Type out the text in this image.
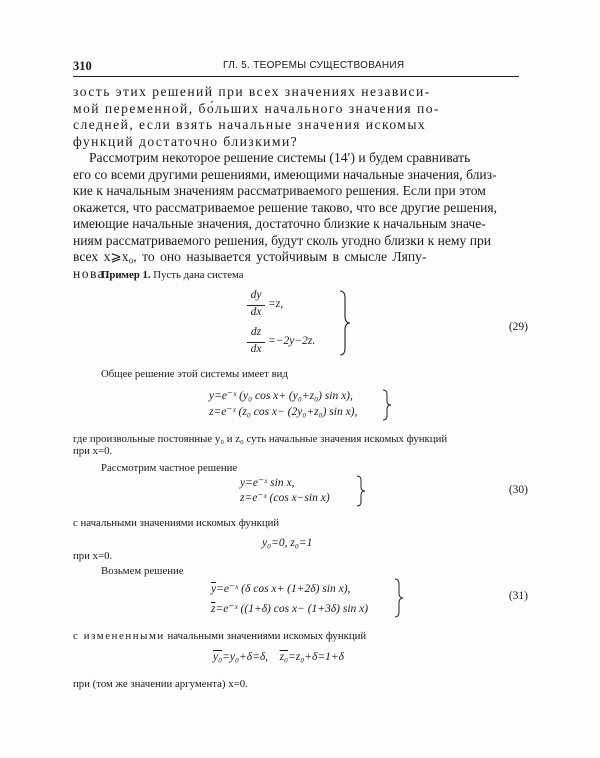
310	ГЛ. 5. ТЕОРЕМЫ СУЩЕСТВОВАНИЯ
зость этих решений при всех значениях независи-
мой переменной, бо́льших начального значения по-
следней, если взять начальные значения искомых
функций достаточно близкими?
Рассмотрим некоторое решение системы (14′) и будем сравнивать
его со всеми другими решениями, имеющими начальные значения, близ-
кие к начальным значениям рассматриваемого решения. Если при этом
окажется, что рассматриваемое решение таково, что все другие решения,
имеющие начальные значения, достаточно близкие к начальным значе-
ниям рассматриваемого решения, будут сколь угодно близки к нему при
всех x⩾x₀, то оно называется устойчивым в смысле Ляпу-
нова.
Пример 1. Пусть дана система
dy
dx
=z,
dz
dx
=−2y−2z.
(29)
Общее решение этой системы имеет вид
y=e⁻ˣ (y₀ cos x+ (y₀+z₀) sin x),
z=e⁻ˣ (z₀ cos x− (2y₀+z₀) sin x),
где произвольные постоянные y₀ и z₀ суть начальные значения искомых функций
при x=0.
Рассмотрим частное решение
y=e⁻ˣ sin x,
z=e⁻ˣ (cos x−sin x)
(30)
с начальными значениями искомых функций
y₀=0, z₀=1
при x=0.
Возьмем решение
$\overline{y}=e^-ˣ$ (δ cos x+ (1+2δ) sin x),
$\overline{z}=e^-ˣ$ ((1+δ) cos x− (1+3δ) sin x)
(31)
с измененными начальными значениями искомых функций
y₀=y₀+δ=δ, z₀=z₀+δ=1+δ
при (том же значении аргумента) x=0.
